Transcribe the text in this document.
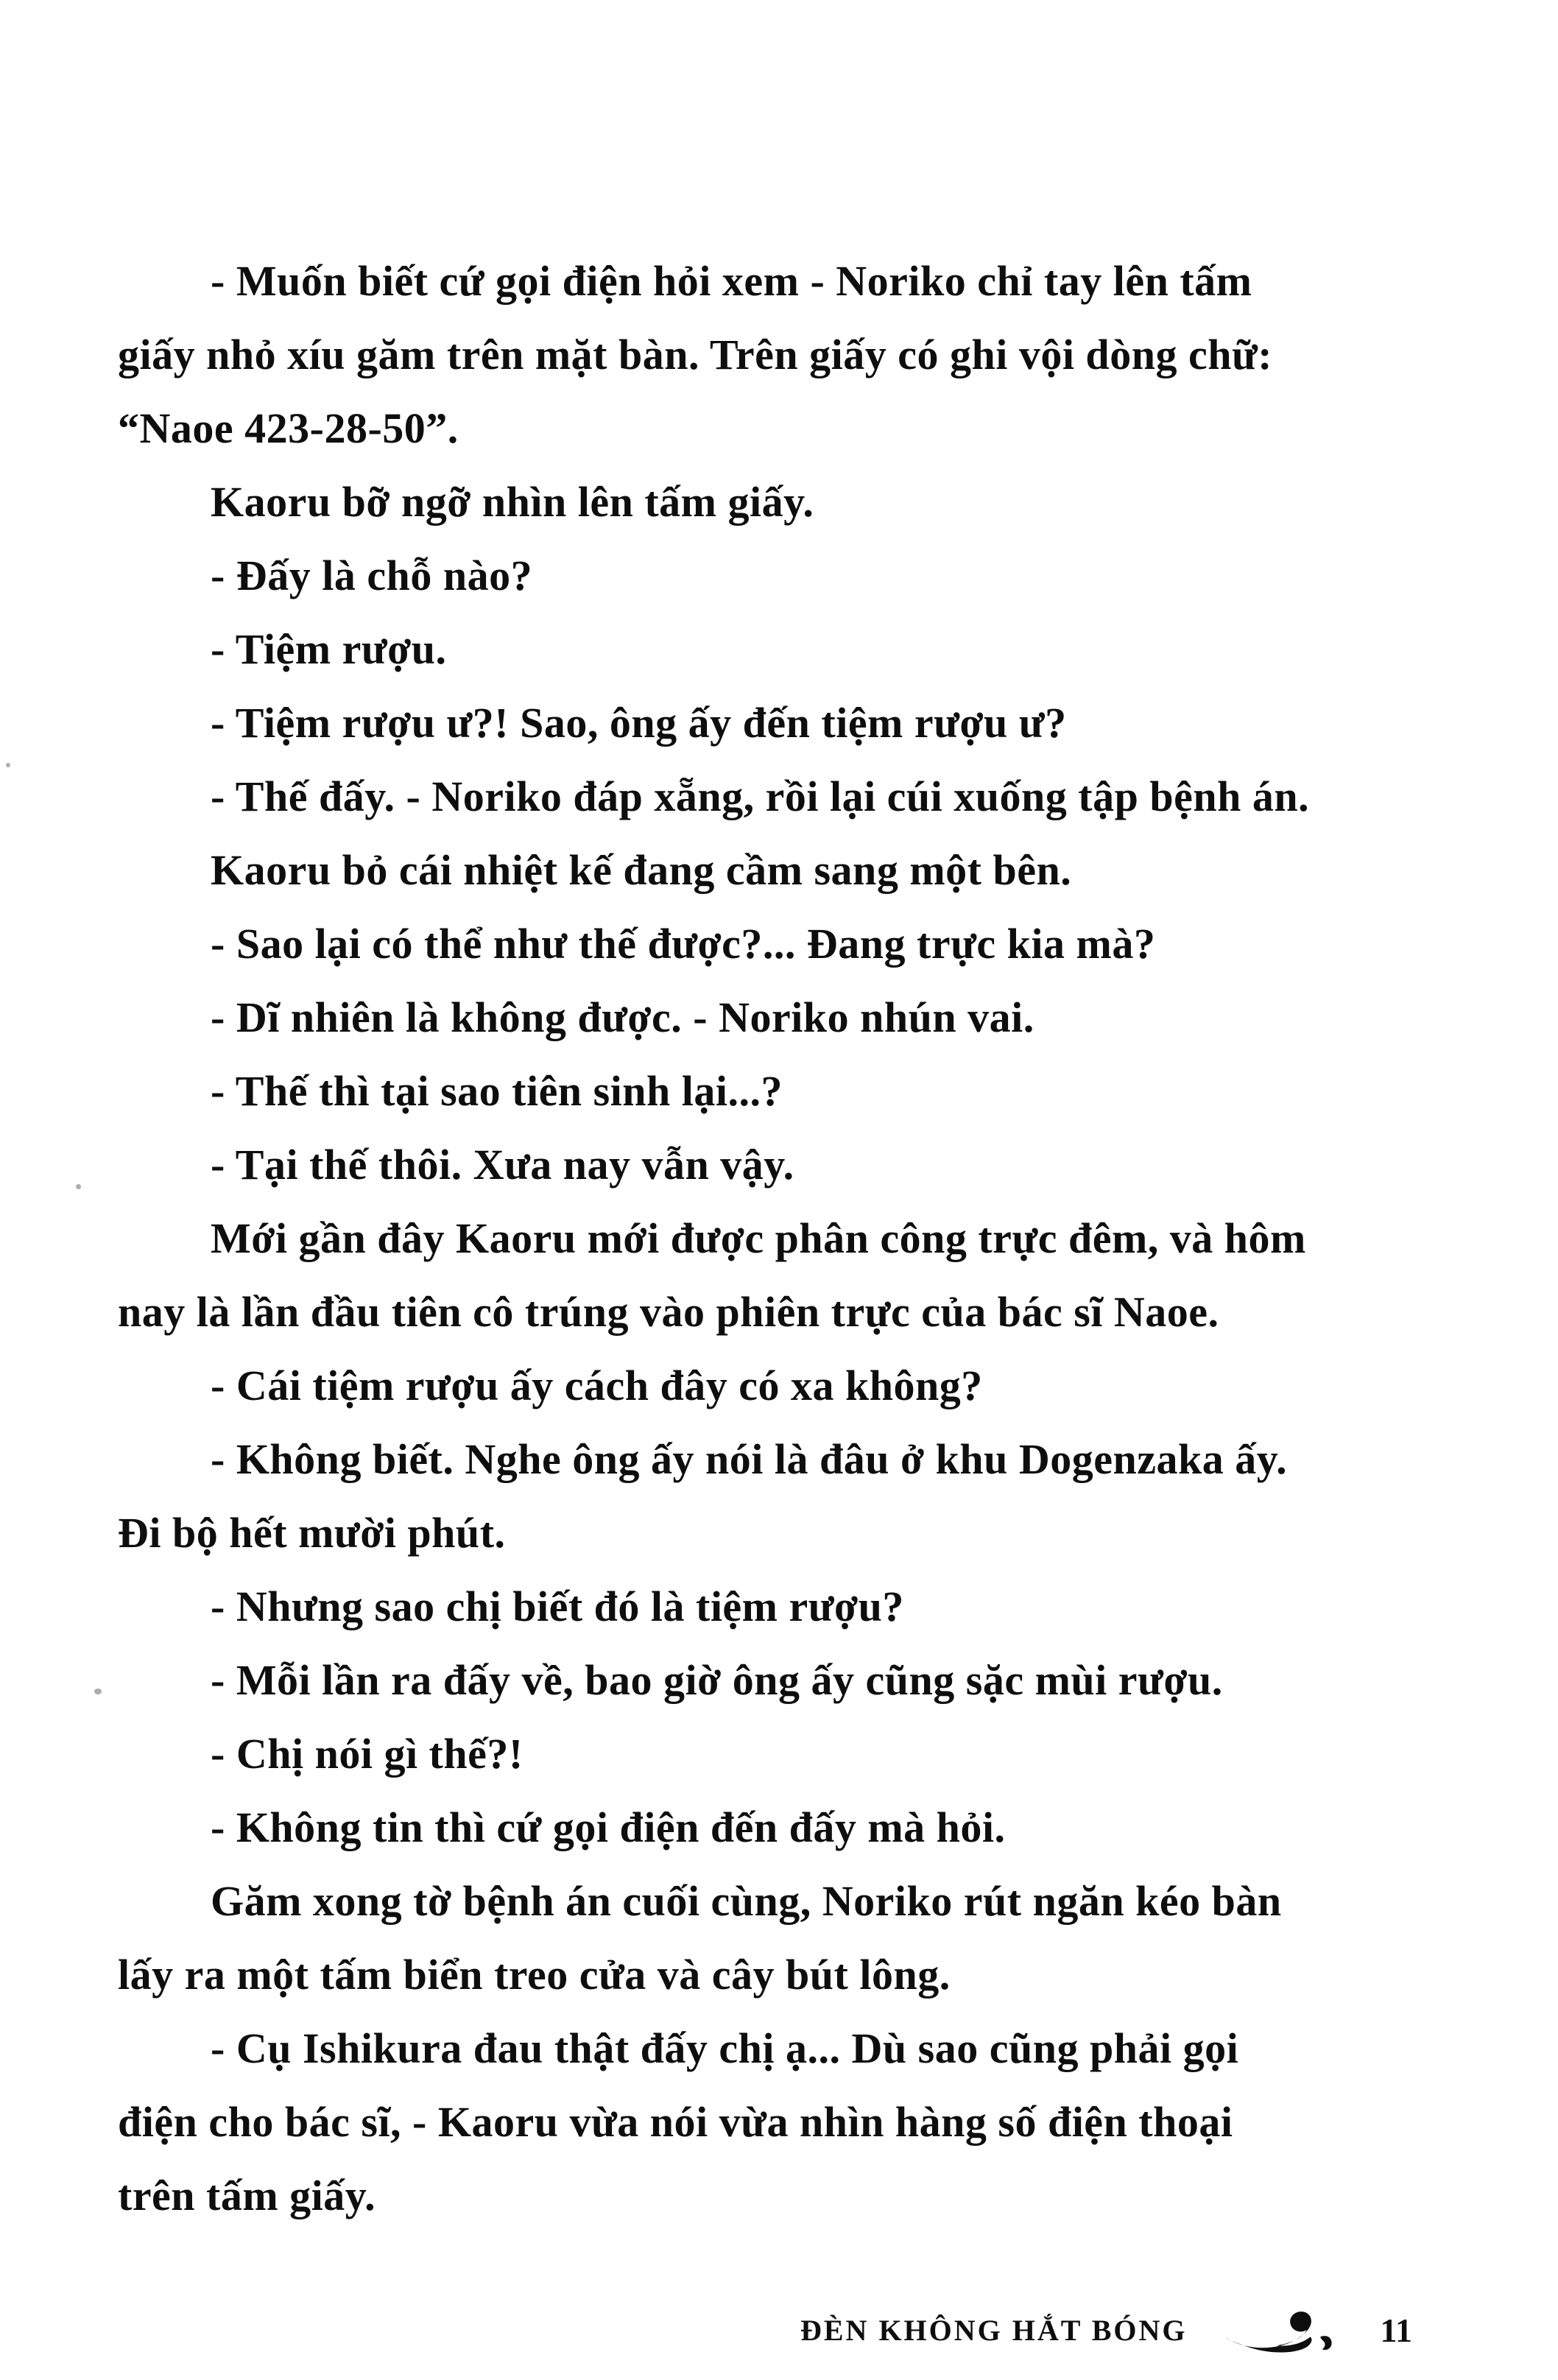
- Muốn biết cứ gọi điện hỏi xem - Noriko chỉ tay lên tấm

giấy nhỏ xíu găm trên mặt bàn. Trên giấy có ghi vội dòng chữ:

“Naoe 423-28-50”.

Kaoru bỡ ngỡ nhìn lên tấm giấy.

- Đấy là chỗ nào?

- Tiệm rượu.

- Tiệm rượu ư?! Sao, ông ấy đến tiệm rượu ư?

- Thế đấy. - Noriko đáp xẵng, rồi lại cúi xuống tập bệnh án.

Kaoru bỏ cái nhiệt kế đang cầm sang một bên.

- Sao lại có thể như thế được?... Đang trực kia mà?

- Dĩ nhiên là không được. - Noriko nhún vai.

- Thế thì tại sao tiên sinh lại...?

- Tại thế thôi. Xưa nay vẫn vậy.

Mới gần đây Kaoru mới được phân công trực đêm, và hôm

nay là lần đầu tiên cô trúng vào phiên trực của bác sĩ Naoe.

- Cái tiệm rượu ấy cách đây có xa không?

- Không biết. Nghe ông ấy nói là đâu ở khu Dogenzaka ấy.

Đi bộ hết mười phút.

- Nhưng sao chị biết đó là tiệm rượu?

- Mỗi lần ra đấy về, bao giờ ông ấy cũng sặc mùi rượu.

- Chị nói gì thế?!

- Không tin thì cứ gọi điện đến đấy mà hỏi.

Găm xong tờ bệnh án cuối cùng, Noriko rút ngăn kéo bàn

lấy ra một tấm biển treo cửa và cây bút lông.

- Cụ Ishikura đau thật đấy chị ạ... Dù sao cũng phải gọi

điện cho bác sĩ, - Kaoru vừa nói vừa nhìn hàng số điện thoại

trên tấm giấy.

ĐÈN KHÔNG HẮT BÓNG	11
